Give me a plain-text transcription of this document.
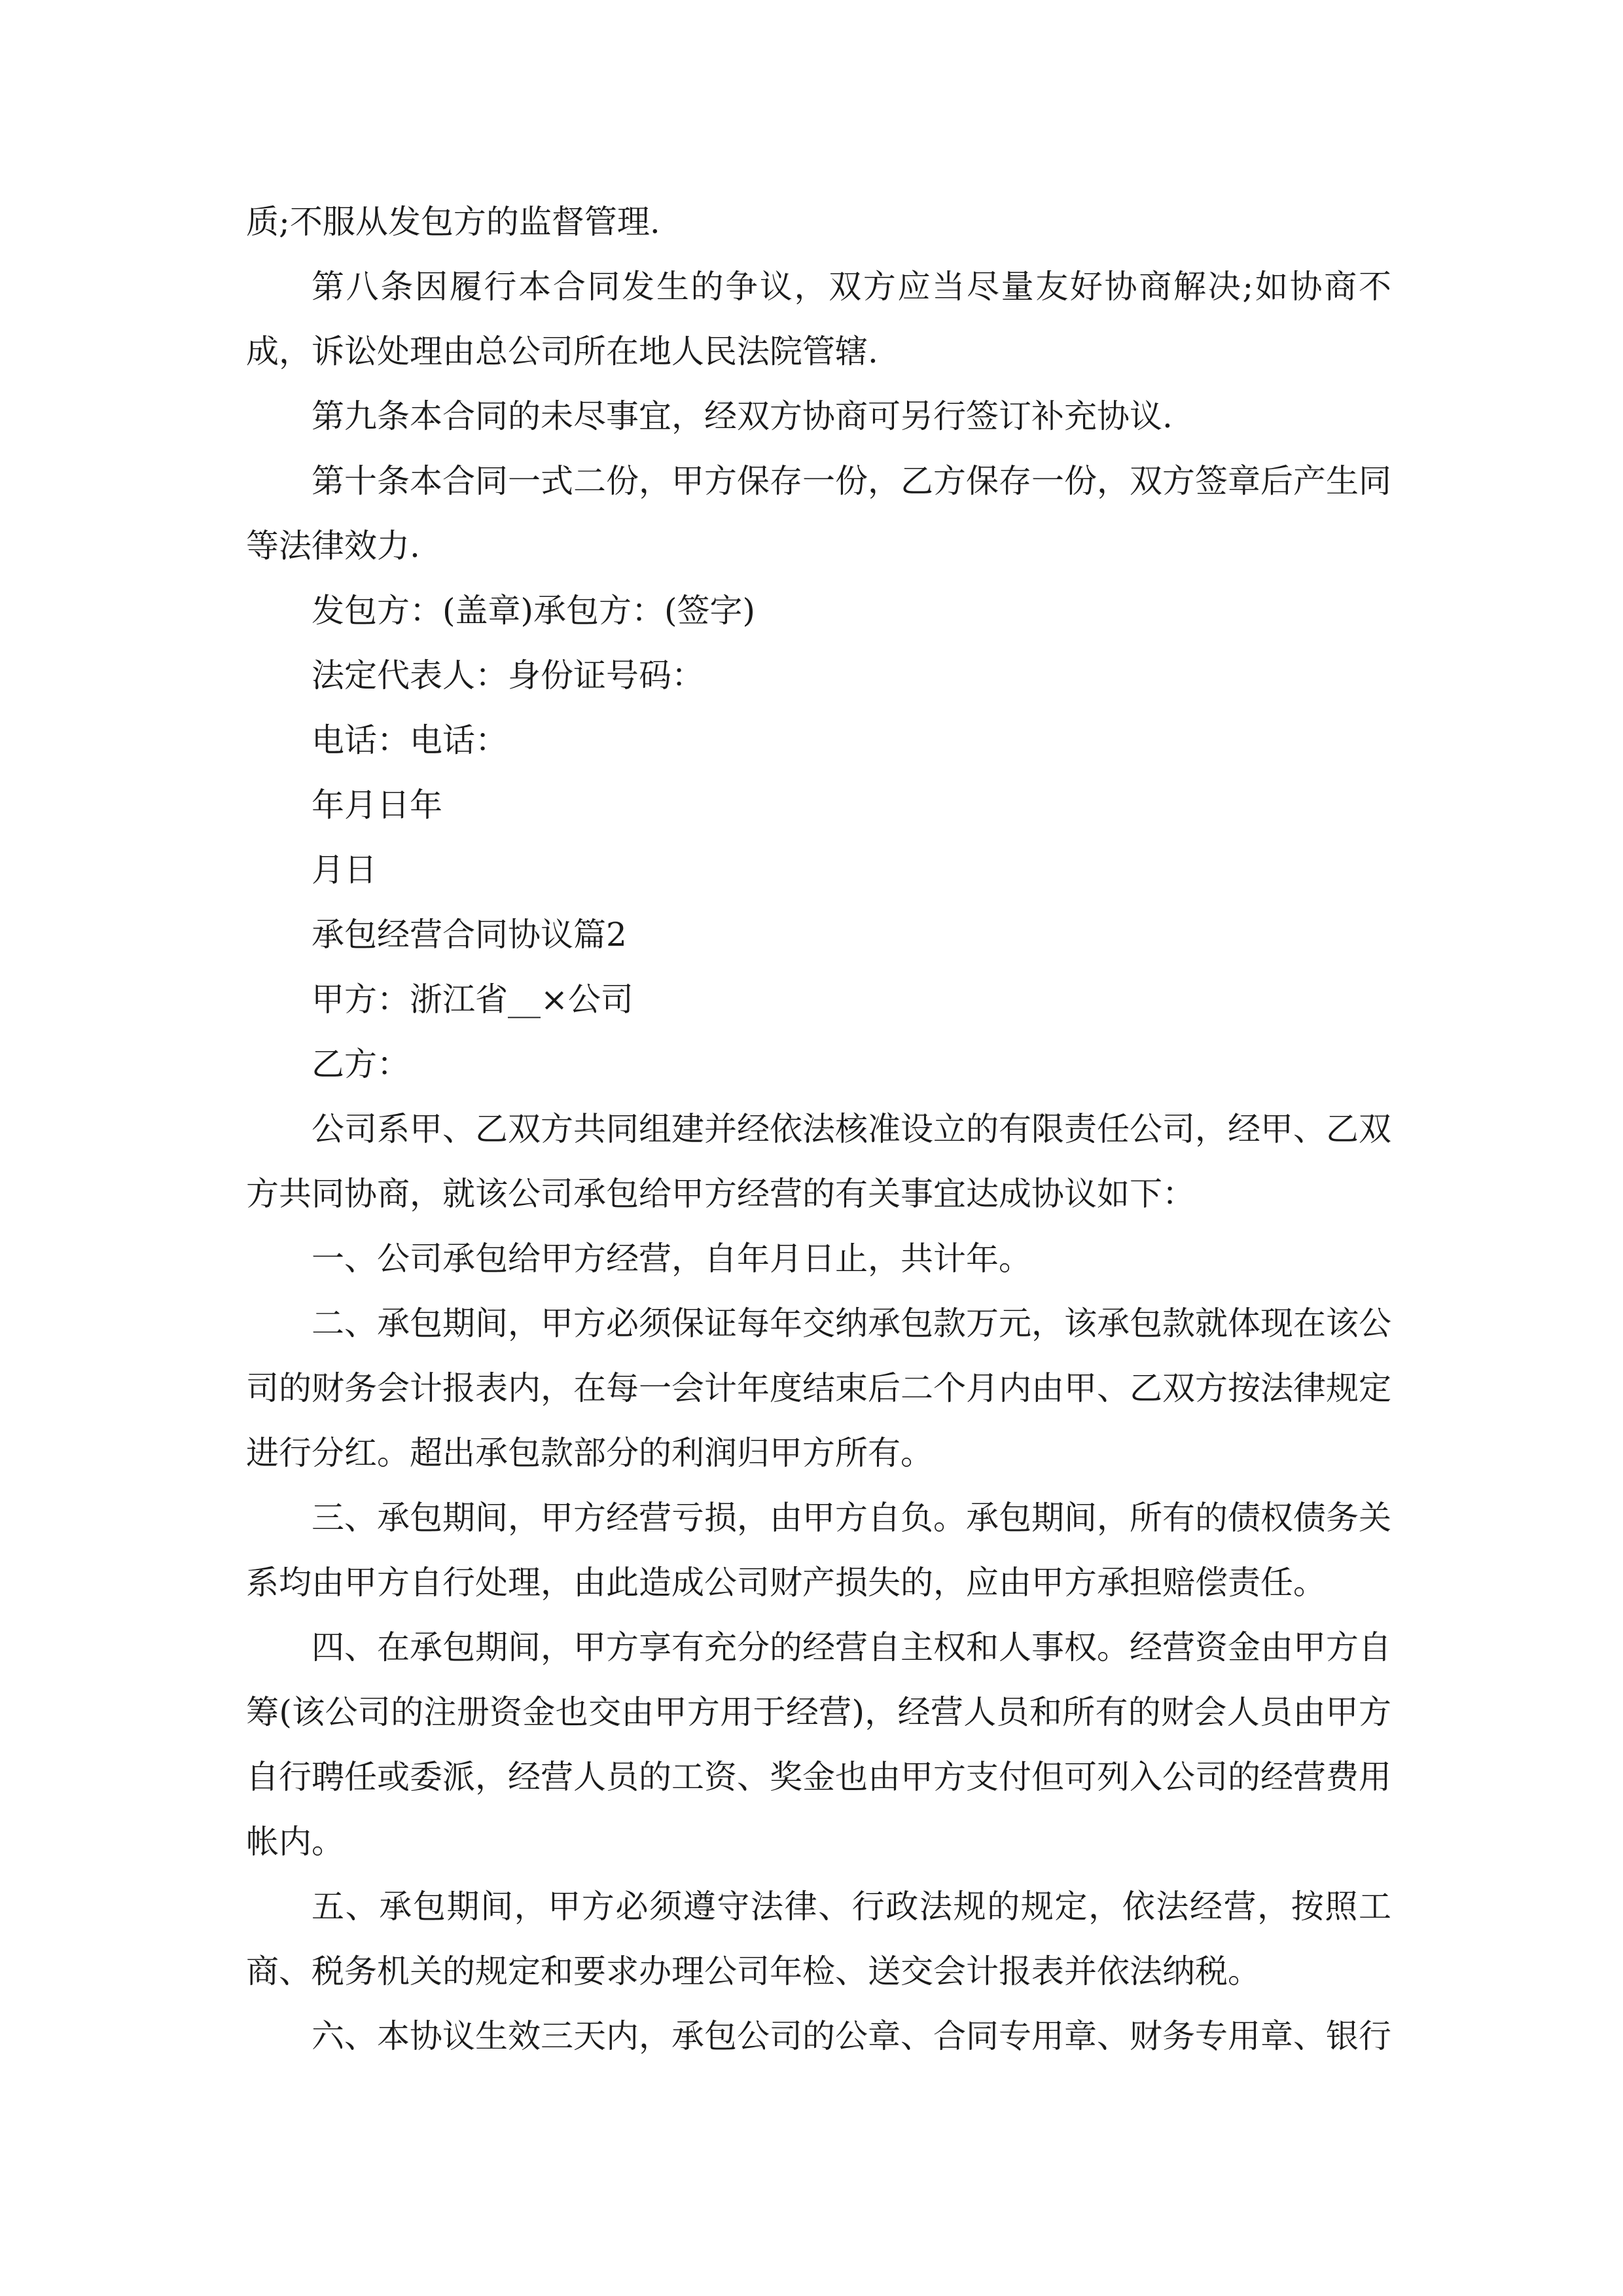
质;不服从发包方的监督管理.

第八条因履行本合同发生的争议，双方应当尽量友好协商解决;如协商不成，诉讼处理由总公司所在地人民法院管辖.

第九条本合同的未尽事宜，经双方协商可另行签订补充协议.

第十条本合同一式二份，甲方保存一份，乙方保存一份，双方签章后产生同等法律效力.

发包方：(盖章)承包方：(签字)

法定代表人：身份证号码：

电话：电话：

年月日年

月日

承包经营合同协议篇2

甲方：浙江省__×公司

乙方：

公司系甲、乙双方共同组建并经依法核准设立的有限责任公司，经甲、乙双方共同协商，就该公司承包给甲方经营的有关事宜达成协议如下：

一、公司承包给甲方经营，自年月日止，共计年。

二、承包期间，甲方必须保证每年交纳承包款万元，该承包款就体现在该公司的财务会计报表内，在每一会计年度结束后二个月内由甲、乙双方按法律规定进行分红。超出承包款部分的利润归甲方所有。

三、承包期间，甲方经营亏损，由甲方自负。承包期间，所有的债权债务关系均由甲方自行处理，由此造成公司财产损失的，应由甲方承担赔偿责任。

四、在承包期间，甲方享有充分的经营自主权和人事权。经营资金由甲方自筹(该公司的注册资金也交由甲方用于经营)，经营人员和所有的财会人员由甲方自行聘任或委派，经营人员的工资、奖金也由甲方支付但可列入公司的经营费用帐内。

五、承包期间，甲方必须遵守法律、行政法规的规定，依法经营，按照工商、税务机关的规定和要求办理公司年检、送交会计报表并依法纳税。

六、本协议生效三天内，承包公司的公章、合同专用章、财务专用章、银行
